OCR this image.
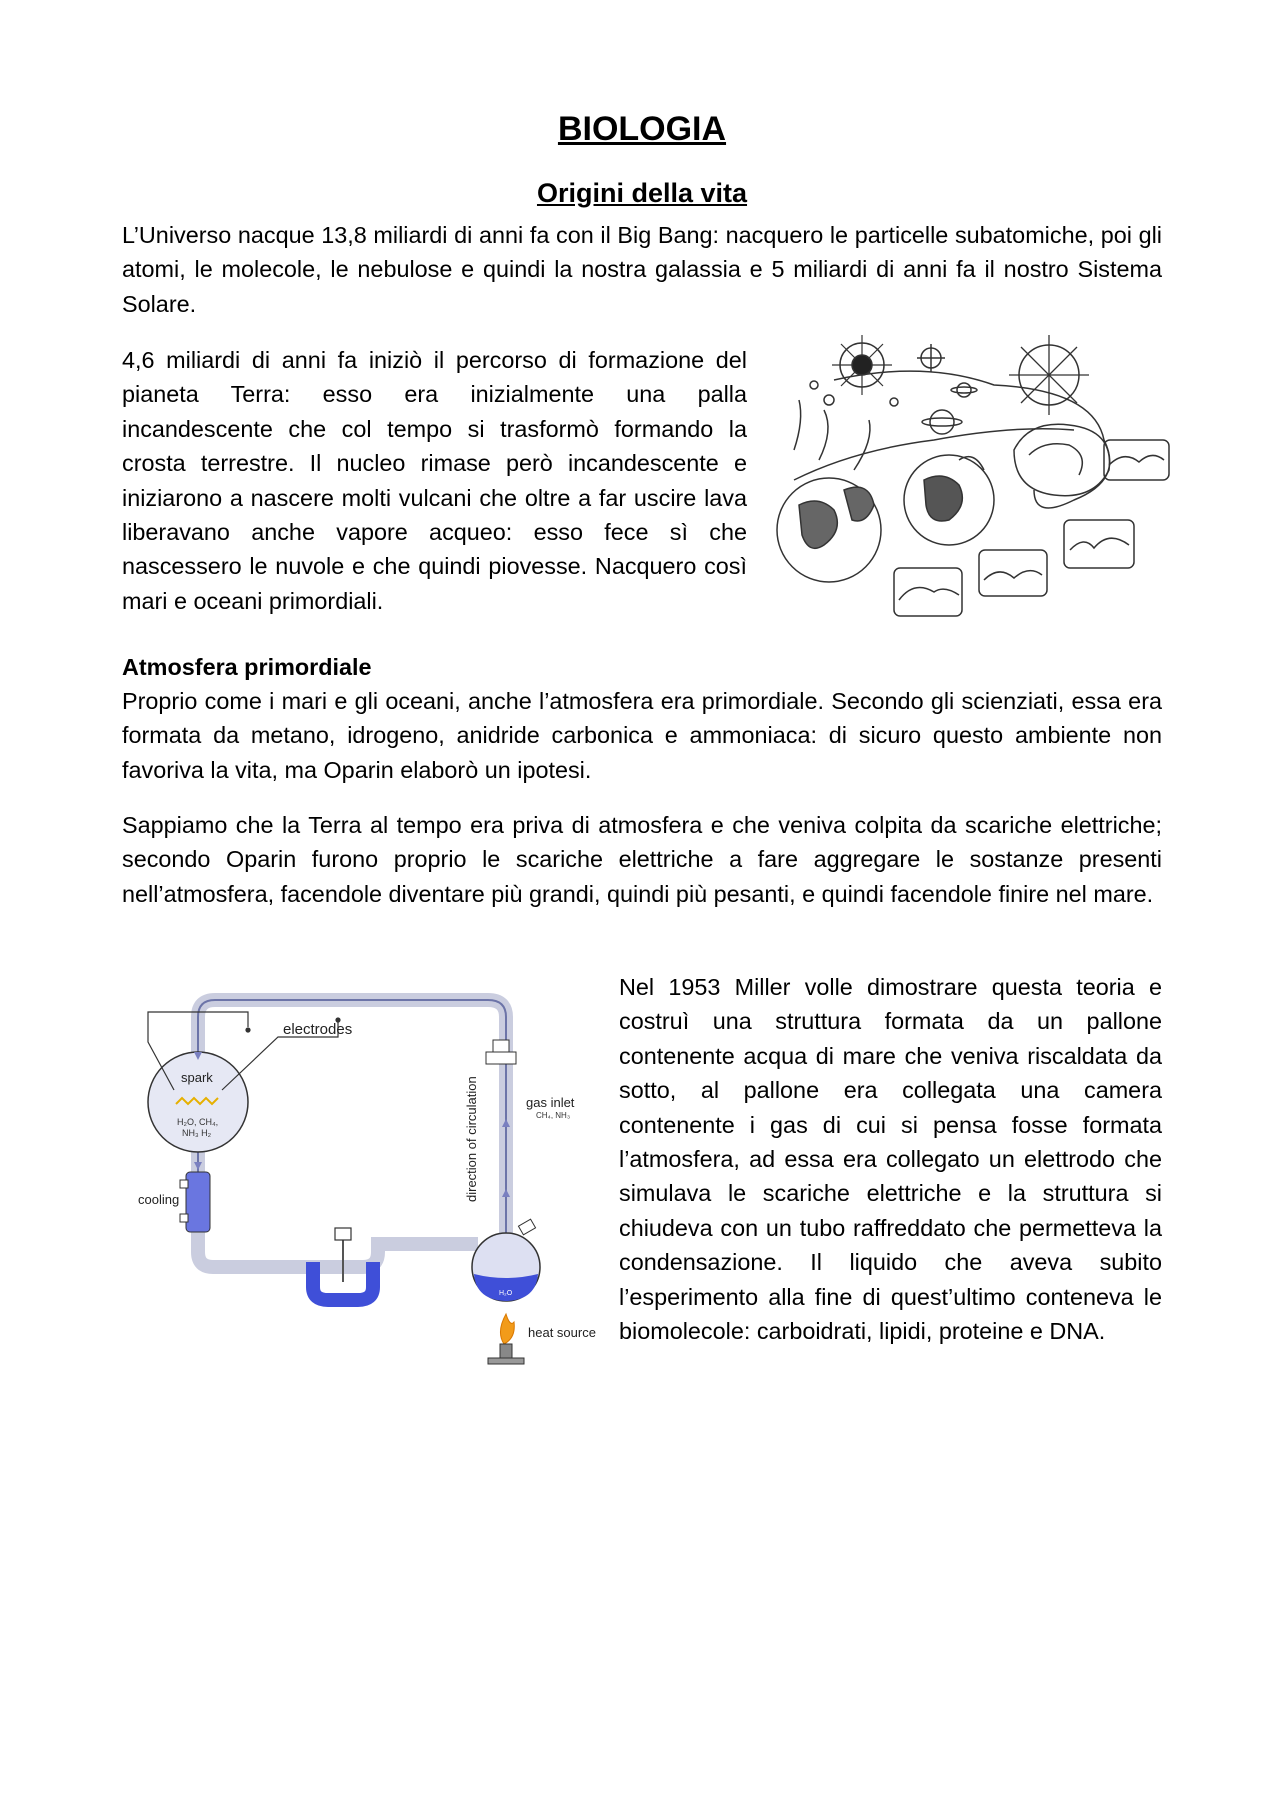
BIOLOGIA
Origini della vita

L’Universo nacque 13,8 miliardi di anni fa con il Big Bang: nacquero le particelle subatomiche, poi gli atomi, le molecole, le nebulose e quindi la nostra galassia e 5 miliardi di anni fa il nostro Sistema Solare.

4,6 miliardi di anni fa iniziò il percorso di formazione del pianeta Terra: esso era inizialmente una palla incandescente che col tempo si trasformò formando la crosta terrestre. Il nucleo rimase però incandescente e iniziarono a nascere molti vulcani che oltre a far uscire lava liberavano anche vapore acqueo: esso fece sì che nascessero le nuvole e che quindi piovesse. Nacquero così mari e oceani primordiali.

Atmosfera primordiale

Proprio come i mari e gli oceani, anche l’atmosfera era primordiale. Secondo gli scienziati, essa era formata da metano, idrogeno, anidride carbonica e ammoniaca: di sicuro questo ambiente non favoriva la vita, ma Oparin elaborò un ipotesi.

Sappiamo che la Terra al tempo era priva di atmosfera e che veniva colpita da scariche elettriche; secondo Oparin furono proprio le scariche elettriche a fare aggregare le sostanze presenti nell’atmosfera, facendole diventare più grandi, quindi più pesanti, e quindi facendole finire nel mare.

electrodes
spark
H₂O, CH₄,
NH₃ H₂	direction of circulation	gas inlet
CH₄, NH₃
cooling
H₂O
heat source

Nel 1953 Miller volle dimostrare questa teoria e costruì una struttura formata da un pallone contenente acqua di mare che veniva riscaldata da sotto, al pallone era collegata una camera contenente i gas di cui si pensa fosse formata l’atmosfera, ad essa era collegato un elettrodo che simulava le scariche elettriche e la struttura si chiudeva con un tubo raffreddato che permetteva la condensazione. Il liquido che aveva subito l’esperimento alla fine di quest’ultimo conteneva le biomolecole: carboidrati, lipidi, proteine e DNA.
